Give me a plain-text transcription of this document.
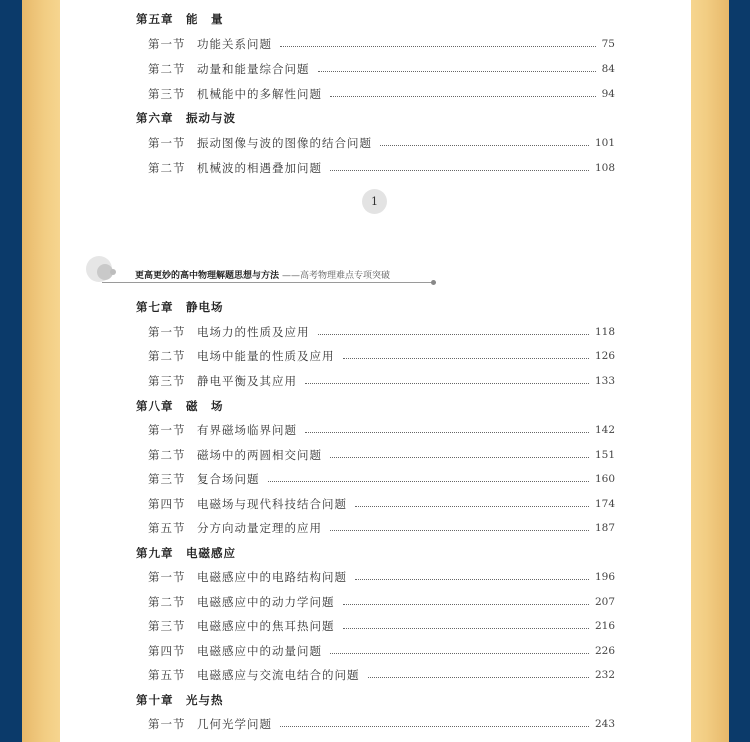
第五章	能　量
第一节	功能关系问题	75
第二节	动量和能量综合问题	84
第三节	机械能中的多解性问题	94
第六章	振动与波
第一节	振动图像与波的图像的结合问题	101
第二节	机械波的相遇叠加问题	108
1
更高更妙的高中物理解题思想与方法 ——高考物理难点专项突破
第七章	静电场
第一节	电场力的性质及应用	118
第二节	电场中能量的性质及应用	126
第三节	静电平衡及其应用	133
第八章	磁　场
第一节	有界磁场临界问题	142
第二节	磁场中的两圆相交问题	151
第三节	复合场问题	160
第四节	电磁场与现代科技结合问题	174
第五节	分方向动量定理的应用	187
第九章	电磁感应
第一节	电磁感应中的电路结构问题	196
第二节	电磁感应中的动力学问题	207
第三节	电磁感应中的焦耳热问题	216
第四节	电磁感应中的动量问题	226
第五节	电磁感应与交流电结合的问题	232
第十章	光与热
第一节	几何光学问题	243
